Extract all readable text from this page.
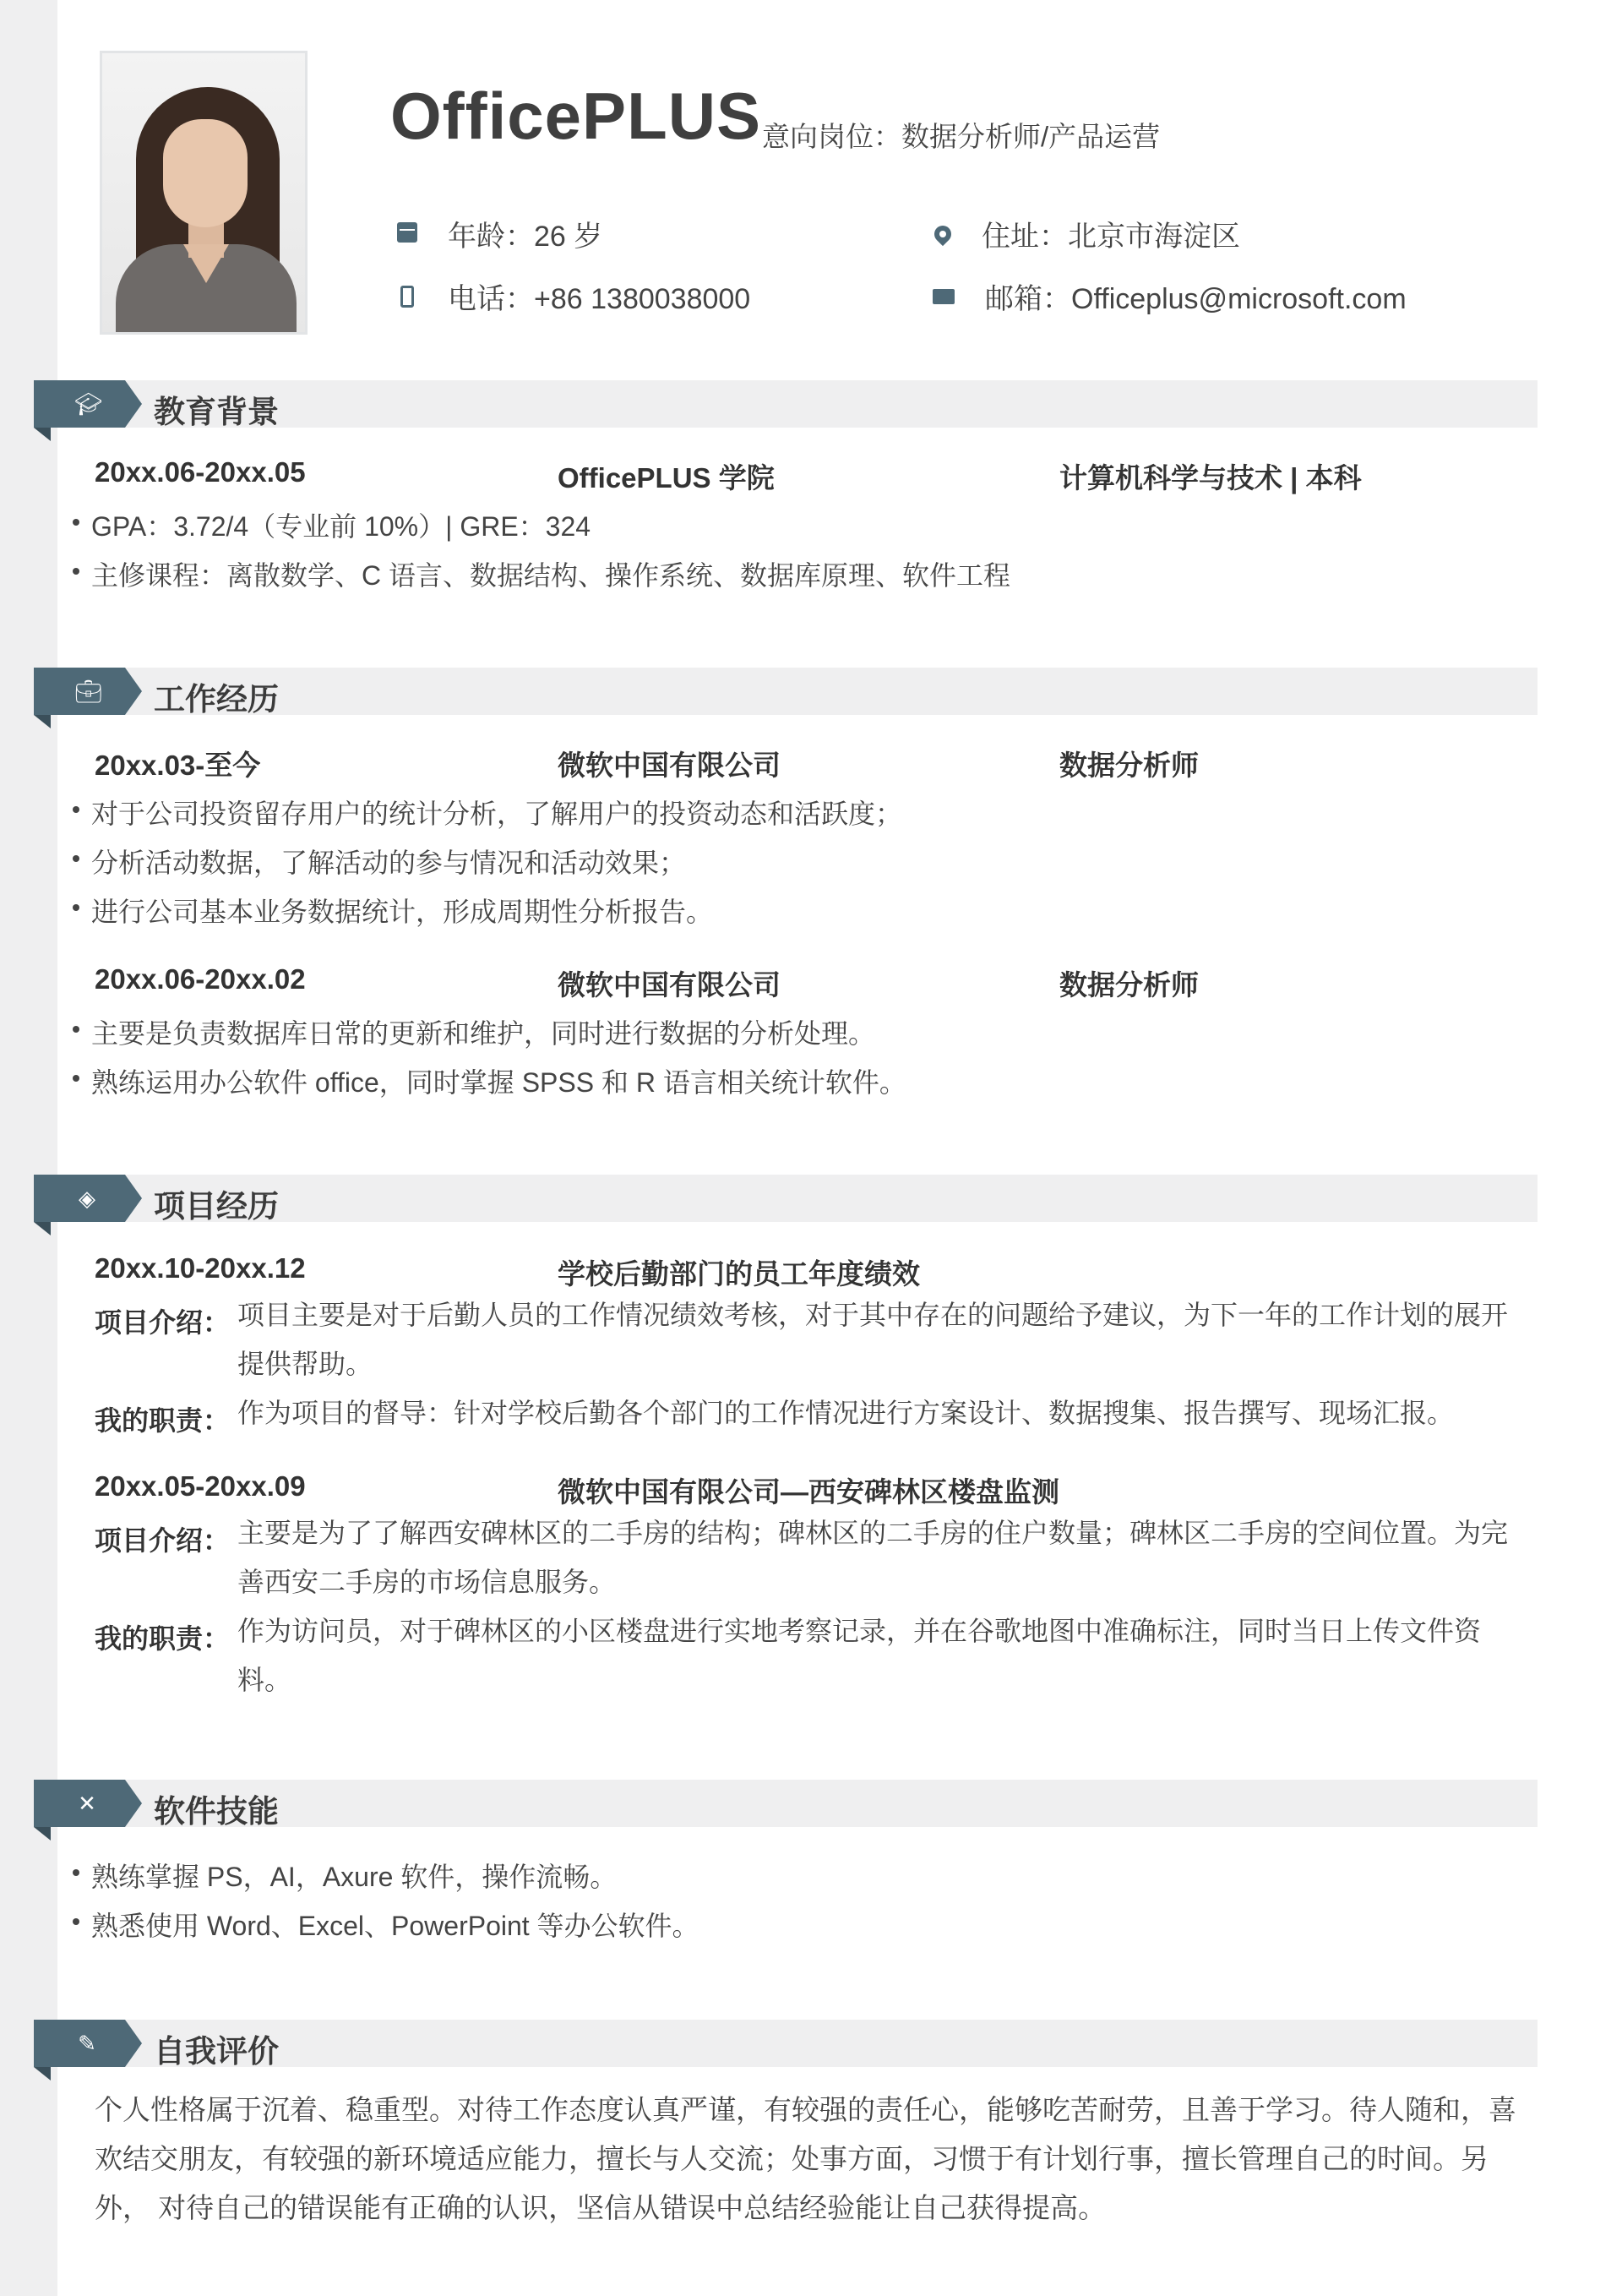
OfficePLUS 意向岗位：数据分析师/产品运营
年龄：26 岁
电话：+86 1380038000
住址：北京市海淀区
邮箱：Officeplus@microsoft.com
🎓︎ 教育背景
20xx.06-20xx.05	OfficePLUS 学院	计算机科学与技术 | 本科
GPA：3.72/4（专业前 10%）| GRE：324
主修课程：离散数学、C 语言、数据结构、操作系统、数据库原理、软件工程
💼︎ 工作经历
20xx.03-至今	微软中国有限公司	数据分析师
对于公司投资留存用户的统计分析，了解用户的投资动态和活跃度；
分析活动数据，了解活动的参与情况和活动效果；
进行公司基本业务数据统计，形成周期性分析报告。
20xx.06-20xx.02	微软中国有限公司	数据分析师
主要是负责数据库日常的更新和维护，同时进行数据的分析处理。
熟练运用办公软件 office，同时掌握 SPSS 和 R 语言相关统计软件。
◈ 项目经历
20xx.10-20xx.12	学校后勤部门的员工年度绩效
项目介绍： 项目主要是对于后勤人员的工作情况绩效考核，对于其中存在的问题给予建议，为下一年的工作计划的展开提供帮助。
我的职责： 作为项目的督导：针对学校后勤各个部门的工作情况进行方案设计、数据搜集、报告撰写、现场汇报。
20xx.05-20xx.09	微软中国有限公司—西安碑林区楼盘监测
项目介绍： 主要是为了了解西安碑林区的二手房的结构；碑林区的二手房的住户数量；碑林区二手房的空间位置。为完善西安二手房的市场信息服务。
我的职责： 作为访问员，对于碑林区的小区楼盘进行实地考察记录，并在谷歌地图中准确标注，同时当日上传文件资料。
✕ 软件技能
熟练掌握 PS，AI，Axure 软件，操作流畅。
熟悉使用 Word、Excel、PowerPoint 等办公软件。
✎ 自我评价
个人性格属于沉着、稳重型。对待工作态度认真严谨，有较强的责任心，能够吃苦耐劳，且善于学习。待人随和，喜欢结交朋友，有较强的新环境适应能力，擅长与人交流；处事方面，习惯于有计划行事，擅长管理自己的时间。另外， 对待自己的错误能有正确的认识，坚信从错误中总结经验能让自己获得提高。
